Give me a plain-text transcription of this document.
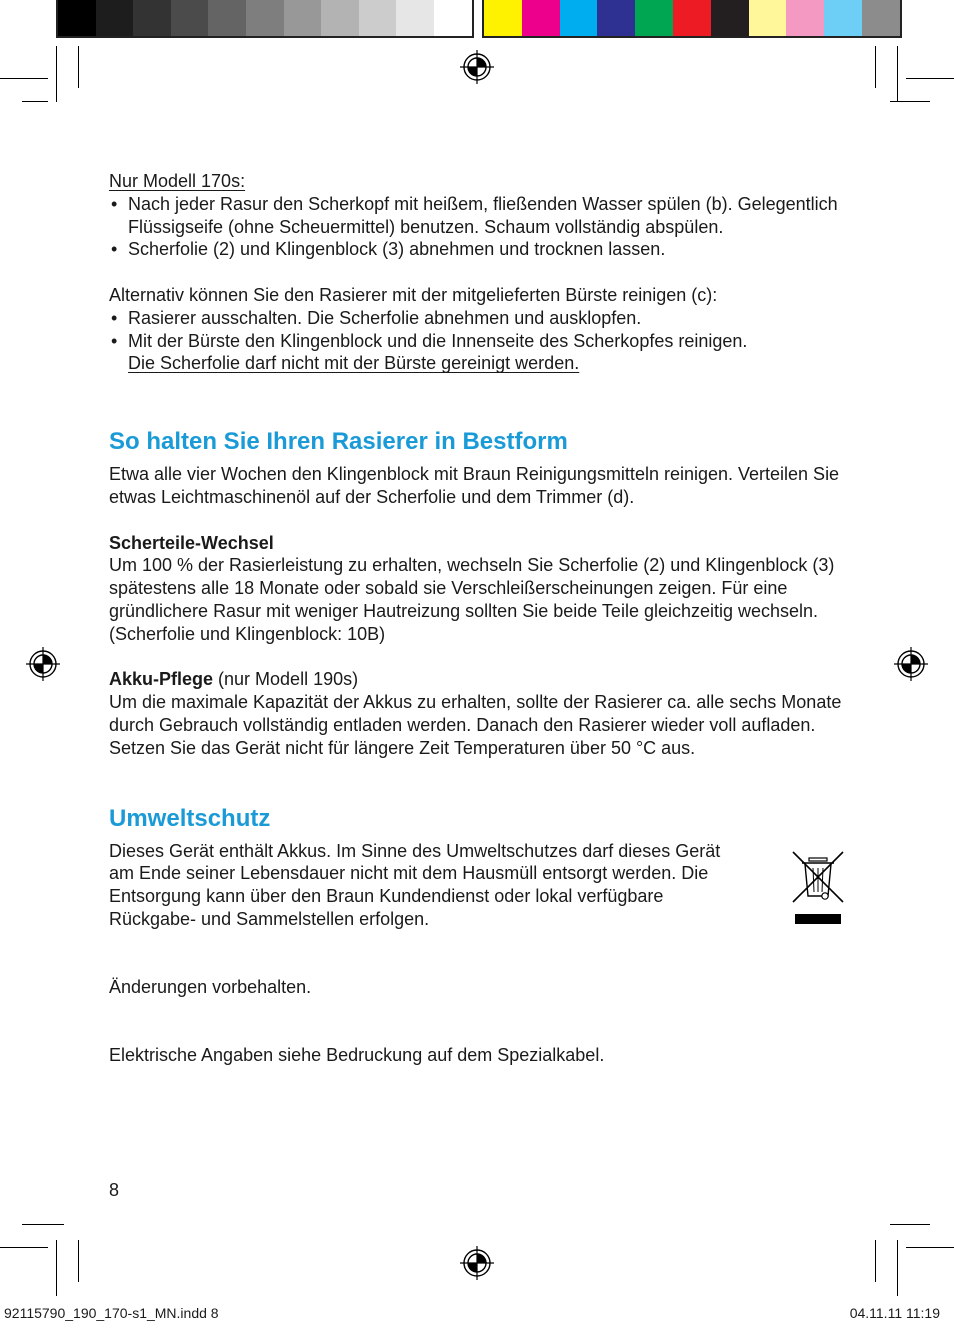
Nur Modell 170s:

• Nach jeder Rasur den Scherkopf mit heißem, fließenden Wasser spülen (b). Gelegentlich Flüssigseife (ohne Scheuermittel) benutzen. Schaum vollständig abspülen.

• Scherfolie (2) und Klingenblock (3) abnehmen und trocknen lassen.

Alternativ können Sie den Rasierer mit der mitgelieferten Bürste reinigen (c):

• Rasierer ausschalten. Die Scherfolie abnehmen und ausklopfen.

• Mit der Bürste den Klingenblock und die Innenseite des Scherkopfes reinigen.

Die Scherfolie darf nicht mit der Bürste gereinigt werden.

So halten Sie Ihren Rasierer in Bestform

Etwa alle vier Wochen den Klingenblock mit Braun Reinigungsmitteln reinigen. Verteilen Sie etwas Leichtmaschinenöl auf der Scherfolie und dem Trimmer (d).

Scherteile-Wechsel

Um 100 % der Rasierleistung zu erhalten, wechseln Sie Scherfolie (2) und Klingenblock (3) spätestens alle 18 Monate oder sobald sie Verschleißerscheinungen zeigen. Für eine gründlichere Rasur mit weniger Hautreizung sollten Sie beide Teile gleichzeitig wechseln.

(Scherfolie und Klingenblock: 10B)

Akku-Pflege (nur Modell 190s)

Um die maximale Kapazität der Akkus zu erhalten, sollte der Rasierer ca. alle sechs Monate durch Gebrauch vollständig entladen werden. Danach den Rasierer wieder voll aufladen. Setzen Sie das Gerät nicht für längere Zeit Temperaturen über 50 °C aus.

Umweltschutz

Dieses Gerät enthält Akkus. Im Sinne des Umweltschutzes darf dieses Gerät am Ende seiner Lebensdauer nicht mit dem Hausmüll entsorgt werden. Die Entsorgung kann über den Braun Kundendienst oder lokal verfügbare Rückgabe- und Sammelstellen erfolgen.

Änderungen vorbehalten.

Elektrische Angaben siehe Bedruckung auf dem Spezialkabel.

8
92115790_190_170-s1_MN.indd 8	04.11.11 11:19
